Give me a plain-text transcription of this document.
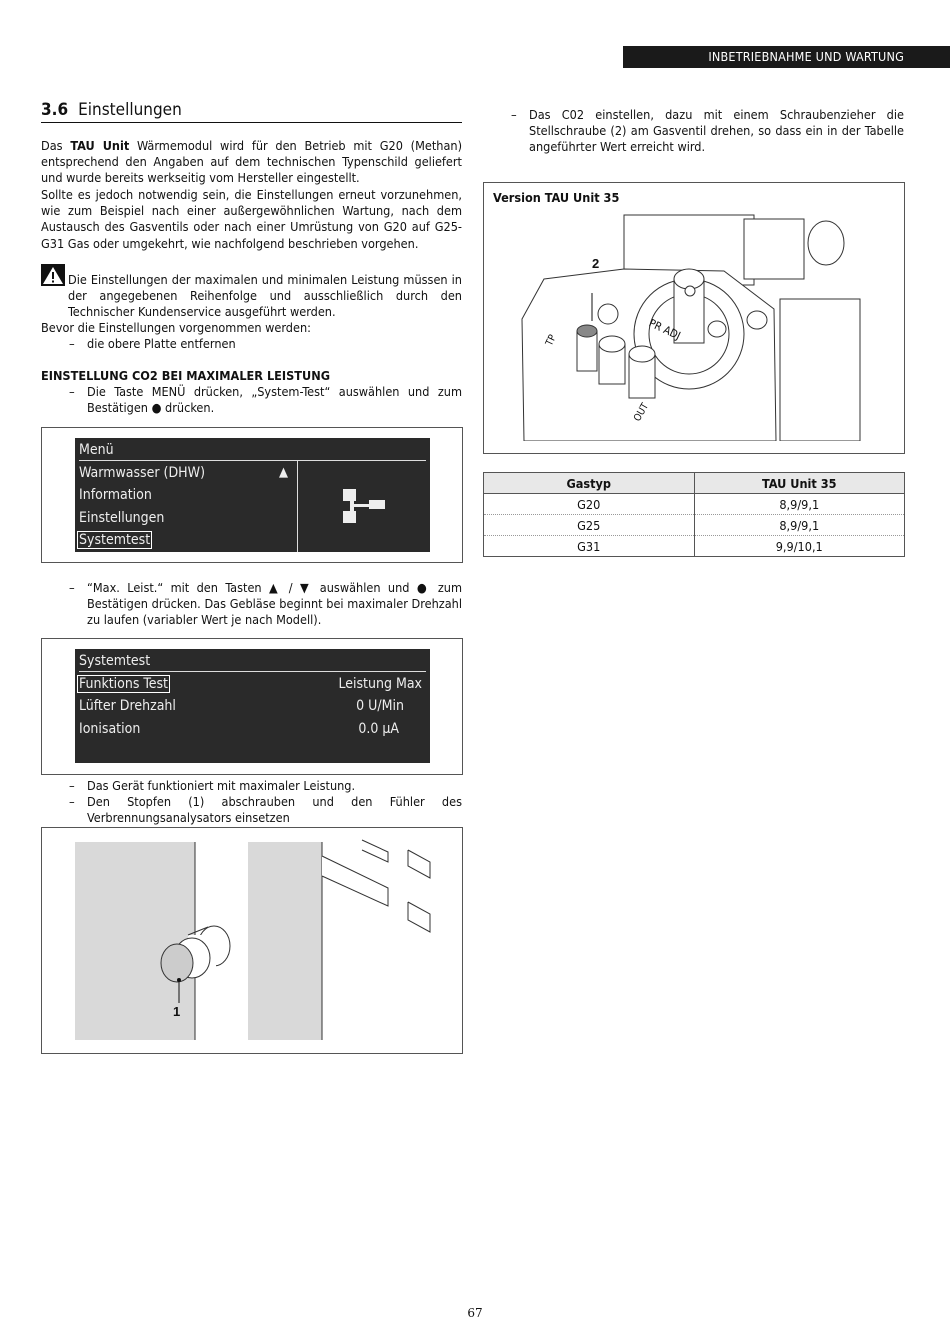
INBETRIEBNAHME UND WARTUNG
3.6 Einstellungen
Das TAU Unit Wärmemodul wird für den Betrieb mit G20 (Methan) entsprechend den Angaben auf dem technischen Typenschild geliefert und wurde bereits werkseitig vom Hersteller eingestellt.
Sollte es jedoch notwendig sein, die Einstellungen erneut vorzunehmen, wie zum Beispiel nach einer außergewöhnlichen Wartung, nach dem Austausch des Gasventils oder nach einer Umrüstung von G20 auf G25-G31 Gas oder umgekehrt, wie nachfolgend beschrieben vorgehen.
Die Einstellungen der maximalen und minimalen Leistung müssen in der angegebenen Reihenfolge und ausschließlich durch den Technischer Kundenservice ausgeführt werden.
Bevor die Einstellungen vorgenommen werden:
– die obere Platte entfernen
EINSTELLUNG CO2 BEI MAXIMALER LEISTUNG
– Die Taste MENÜ drücken, „System-Test“ auswählen und zum Bestätigen ● drücken.
Menü
Warmwasser (DHW)	▲
Information
Einstellungen
Systemtest
– “Max. Leist.“ mit den Tasten ▲ / ▼ auswählen und ● zum Bestätigen drücken. Das Gebläse beginnt bei maximaler Drehzahl zu laufen (variabler Wert je nach Modell).
Systemtest
Funktions Test	Leistung Max
Lüfter Drehzahl	0 U/Min
Ionisation	0.0 µA
– Das Gerät funktioniert mit maximaler Leistung.
– Den Stopfen (1) abschrauben und den Fühler des Verbrennungsanalysators einsetzen
1
– Das C02 einstellen, dazu mit einem Schraubenzieher die Stellschraube (2) am Gasventil drehen, so dass ein in der Tabelle angeführter Wert erreicht wird.
Version TAU Unit 35
2
PR ADJ
OUT
TP
Gastyp	TAU Unit 35
G20	8,9/9,1
G25	8,9/9,1
G31	9,9/10,1
67
